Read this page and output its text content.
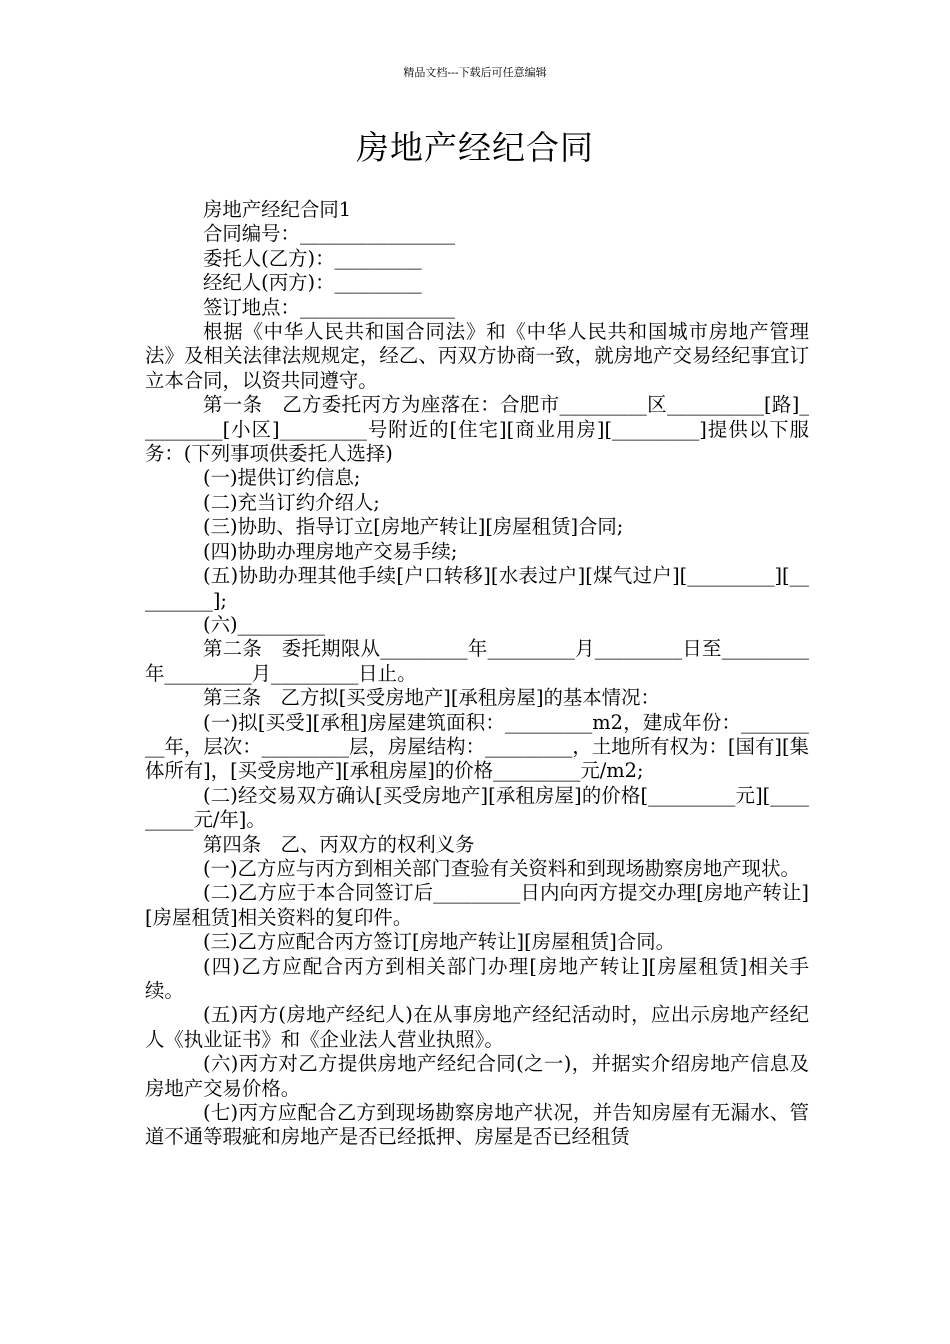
精品文档---下载后可任意编辑
房地产经纪合同

房地产经纪合同1

合同编号：________________

委托人(乙方)：_________

经纪人(丙方)：_________

签订地点：________________

根据《中华人民共和国合同法》和《中华人民共和国城市房地产管理法》及相关法律法规规定，经乙、丙双方协商一致，就房地产交易经纪事宜订立本合同，以资共同遵守。

第一条　乙方委托丙方为座落在：合肥市_________区__________[路]_________[小区]_________号附近的[住宅][商业用房][_________]提供以下服务：(下列事项供委托人选择)

(一)提供订约信息;

(二)充当订约介绍人;

(三)协助、指导订立[房地产转让][房屋租赁]合同;

(四)协助办理房地产交易手续;

(五)协助办理其他手续[户口转移][水表过户][煤气过户][_________][_________];

(六)_________

第二条　委托期限从_________年_________月_________日至_________年_________月_________日止。

第三条　乙方拟[买受房地产][承租房屋]的基本情况：

(一)拟[买受][承租]房屋建筑面积：_________m2，建成年份：_________年，层次：_________层，房屋结构：_________，土地所有权为：[国有][集体所有]，[买受房地产][承租房屋]的价格_________元/m2;

(二)经交易双方确认[买受房地产][承租房屋]的价格[_________元][_________元/年]。

第四条　乙、丙双方的权利义务

(一)乙方应与丙方到相关部门查验有关资料和到现场勘察房地产现状。

(二)乙方应于本合同签订后_________日内向丙方提交办理[房地产转让][房屋租赁]相关资料的复印件。

(三)乙方应配合丙方签订[房地产转让][房屋租赁]合同。

(四)乙方应配合丙方到相关部门办理[房地产转让][房屋租赁]相关手续。

(五)丙方(房地产经纪人)在从事房地产经纪活动时，应出示房地产经纪人《执业证书》和《企业法人营业执照》。

(六)丙方对乙方提供房地产经纪合同(之一)，并据实介绍房地产信息及房地产交易价格。

(七)丙方应配合乙方到现场勘察房地产状况，并告知房屋有无漏水、管道不通等瑕疵和房地产是否已经抵押、房屋是否已经租赁
